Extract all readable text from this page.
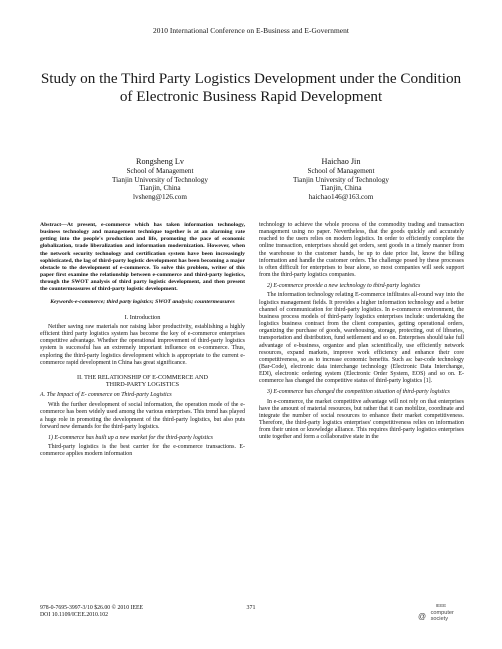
2010 International Conference on E-Business and E-Government
Study on the Third Party Logistics Development under the Condition of Electronic Business Rapid Development
Rongsheng Lv
School of Management
Tianjin University of Technology
Tianjin, China
lvsheng@126.com
Haichao Jin
School of Management
Tianjin University of Technology
Tianjin, China
haichao146@163.com

Abstract—At present, e-commerce which has taken information technology, business technology and management technique together is at an alarming rate getting into the people's production and life, promoting the pace of economic globalization, trade liberalization and information modernization. However, when the network security technology and certification system have been increasingly sophisticated, the lag of third-party logistic development has been becoming a major obstacle to the development of e-commerce. To solve this problem, writer of this paper first examine the relationship between e-commerce and third-party logistics, through the SWOT analysis of third party logistic development, and then present the countermeasures of third-party logistic development.

Keywords-e-commerce; third party logistics; SWOT analysis; countermeasures

I. Introduction

Neither saving raw materials nor raising labor productivity, establishing a highly efficient third party logistics system has become the key of e-commerce enterprises competitive advantage. Whether the operational improvement of third-party logistics system is successful has an extremely important influence on e-commerce. Thus, exploring the third-party logistics development which is appropriate to the current e-commerce rapid development in China has great significance.

II. THE RELATIONSHIP OF E-COMMERCE AND
THIRD-PARTY LOGISTICS

A. The Impact of E- commerce on Third-party Logistics

With the further development of social information, the operation mode of the e-commerce has been widely used among the various enterprises. This trend has played a huge role in promoting the development of the third-party logistics, but also puts forward new demands for the third-party logistics.

1) E-commerce has built up a new market for the third-party logistics

Third-party logistics is the best carrier for the e-commerce transactions. E-commerce applies modern information

technology to achieve the whole process of the commodity trading and transaction management using no paper. Nevertheless, that the goods quickly and accurately reached to the users relies on modern logistics. In order to efficiently complete the online transaction, enterprises should get orders, sent goods in a timely manner from the warehouse to the customer hands, be up to date price list, know the billing information and handle the customer orders. The challenge posed by these processes is often difficult for enterprises to bear alone, so most companies will seek support from the third-party logistics companies.

2) E-commerce provide a new technology to third-party logistics

The information technology relating E-commerce infiltrates all-round way into the logistics management fields. It provides a higher information technology and a better channel of communication for third-party logistics. In e-commerce environment, the business process models of third-party logistics enterprises include: undertaking the logistics business contract from the client companies, getting operational orders, organizing the purchase of goods, warehousing, storage, protecting, out of libraries, transportation and distribution, fund settlement and so on. Enterprises should take full advantage of e-business, organize and plan scientifically, use efficiently network resources, expand markets, improve work efficiency and enhance their core competitiveness, so as to increase economic benefits. Such as: bar-code technology (Bar-Code), electronic data interchange technology (Electronic Data Interchange, EDI), electronic ordering system (Electronic Order System, EOS) and so on. E-commerce has changed the competitive status of third-party logistics [1].

3) E-commerce has changed the competition situation of third-party logistics

In e-commerce, the market competitive advantage will not rely on that enterprises have the amount of material resources, but rather that it can mobilize, coordinate and integrate the number of social resources to enhance their market competitiveness. Therefore, the third-party logistics enterprises' competitiveness relies on information from their union or knowledge alliance. This requires third-party logistics enterprises unite together and form a collaborative state in the

978-0-7695-3997-3/10 $26.00 © 2010 IEEE
DOI 10.1109/ICEE.2010.102
371	IEEE
@ computer
society
